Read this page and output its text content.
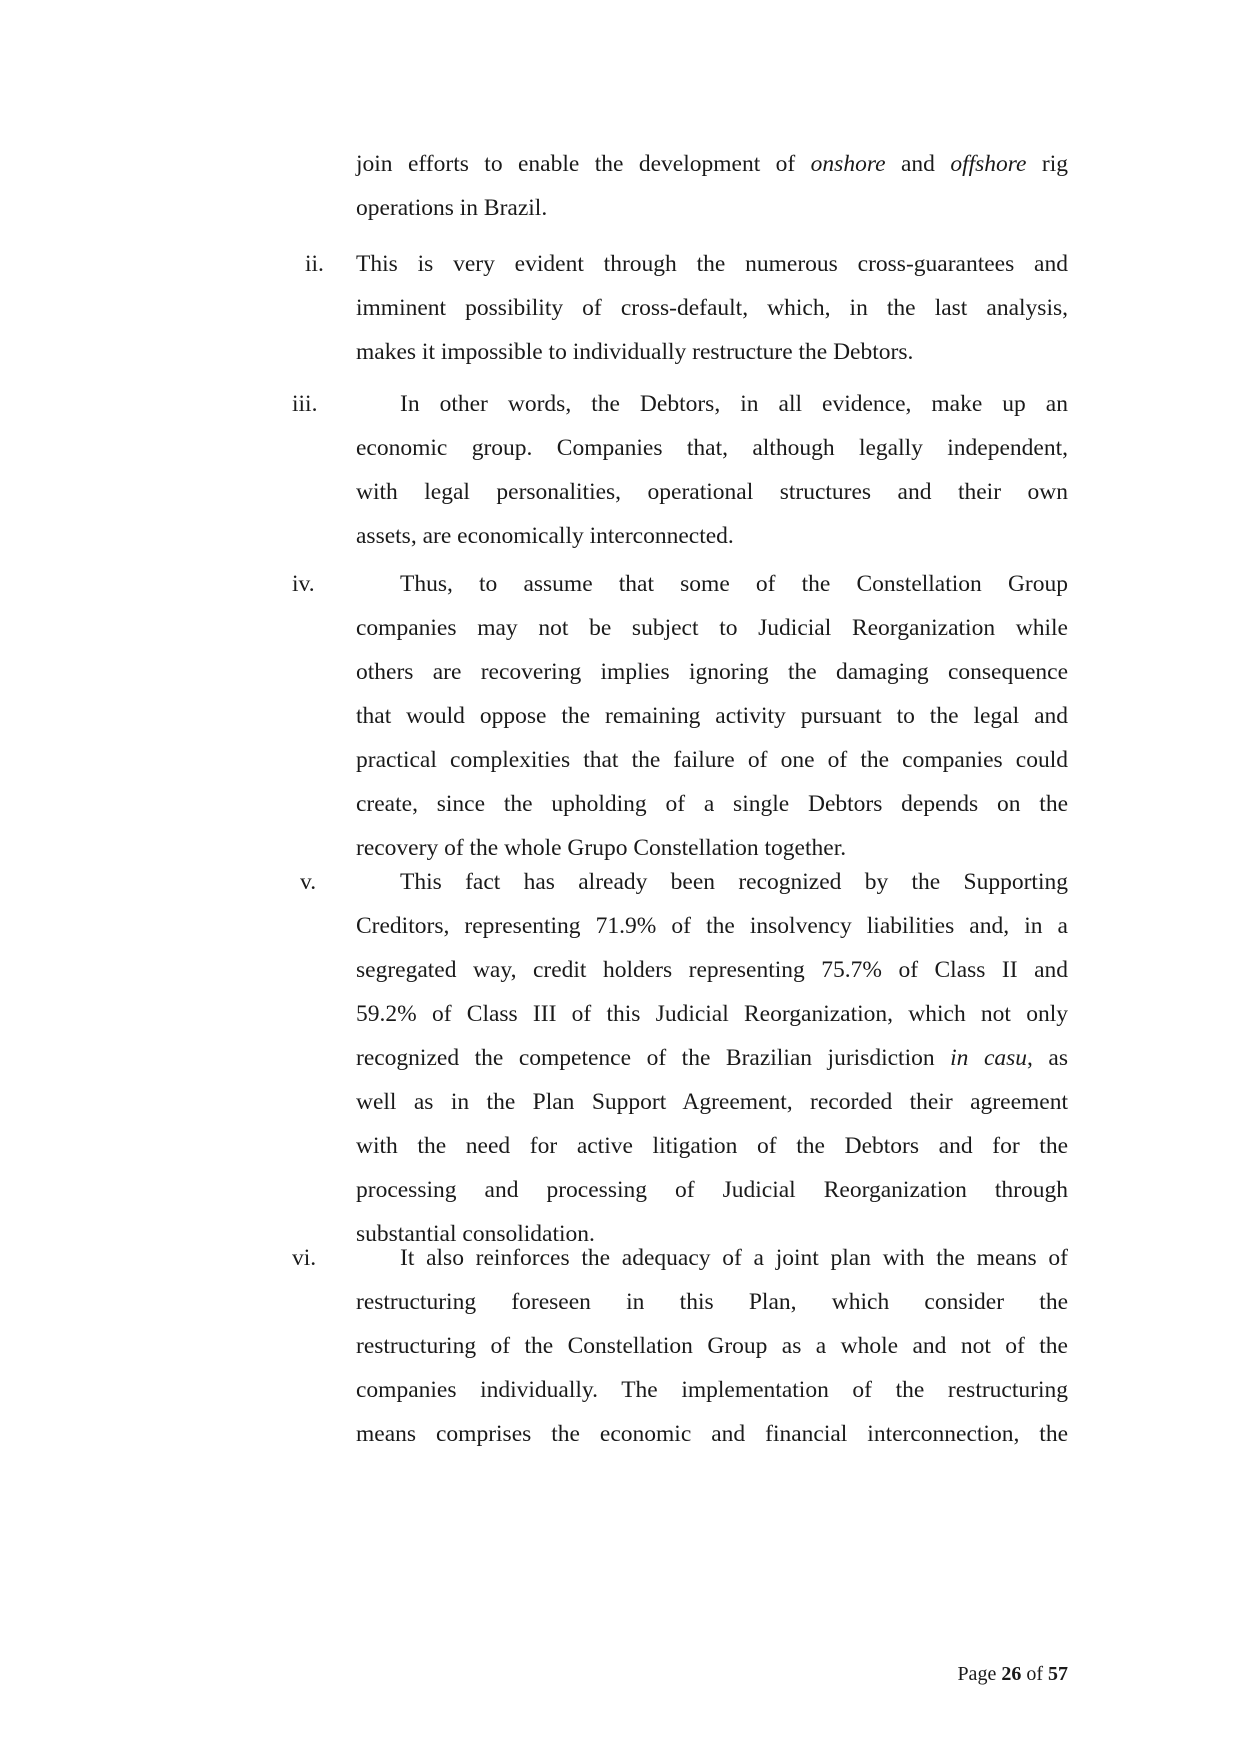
join efforts to enable the development of onshore and offshore rig
operations in Brazil.
ii. This is very evident through the numerous cross-guarantees and
imminent possibility of cross-default, which, in the last analysis,
makes it impossible to individually restructure the Debtors.
iii.	In other words, the Debtors, in all evidence, make up an
economic group. Companies that, although legally independent,
with legal personalities, operational structures and their own
assets, are economically interconnected.
iv.	Thus, to assume that some of the Constellation Group
companies may not be subject to Judicial Reorganization while
others are recovering implies ignoring the damaging consequence
that would oppose the remaining activity pursuant to the legal and
practical complexities that the failure of one of the companies could
create, since the upholding of a single Debtors depends on the
recovery of the whole Grupo Constellation together.
v.	This fact has already been recognized by the Supporting
Creditors, representing 71.9% of the insolvency liabilities and, in a
segregated way, credit holders representing 75.7% of Class II and
59.2% of Class III of this Judicial Reorganization, which not only
recognized the competence of the Brazilian jurisdiction in casu, as
well as in the Plan Support Agreement, recorded their agreement
with the need for active litigation of the Debtors and for the
processing and processing of Judicial Reorganization through
substantial consolidation.
vi.	It also reinforces the adequacy of a joint plan with the means of
restructuring foreseen in this Plan, which consider the
restructuring of the Constellation Group as a whole and not of the
companies individually. The implementation of the restructuring
means comprises the economic and financial interconnection, the
Page 26 of 57
